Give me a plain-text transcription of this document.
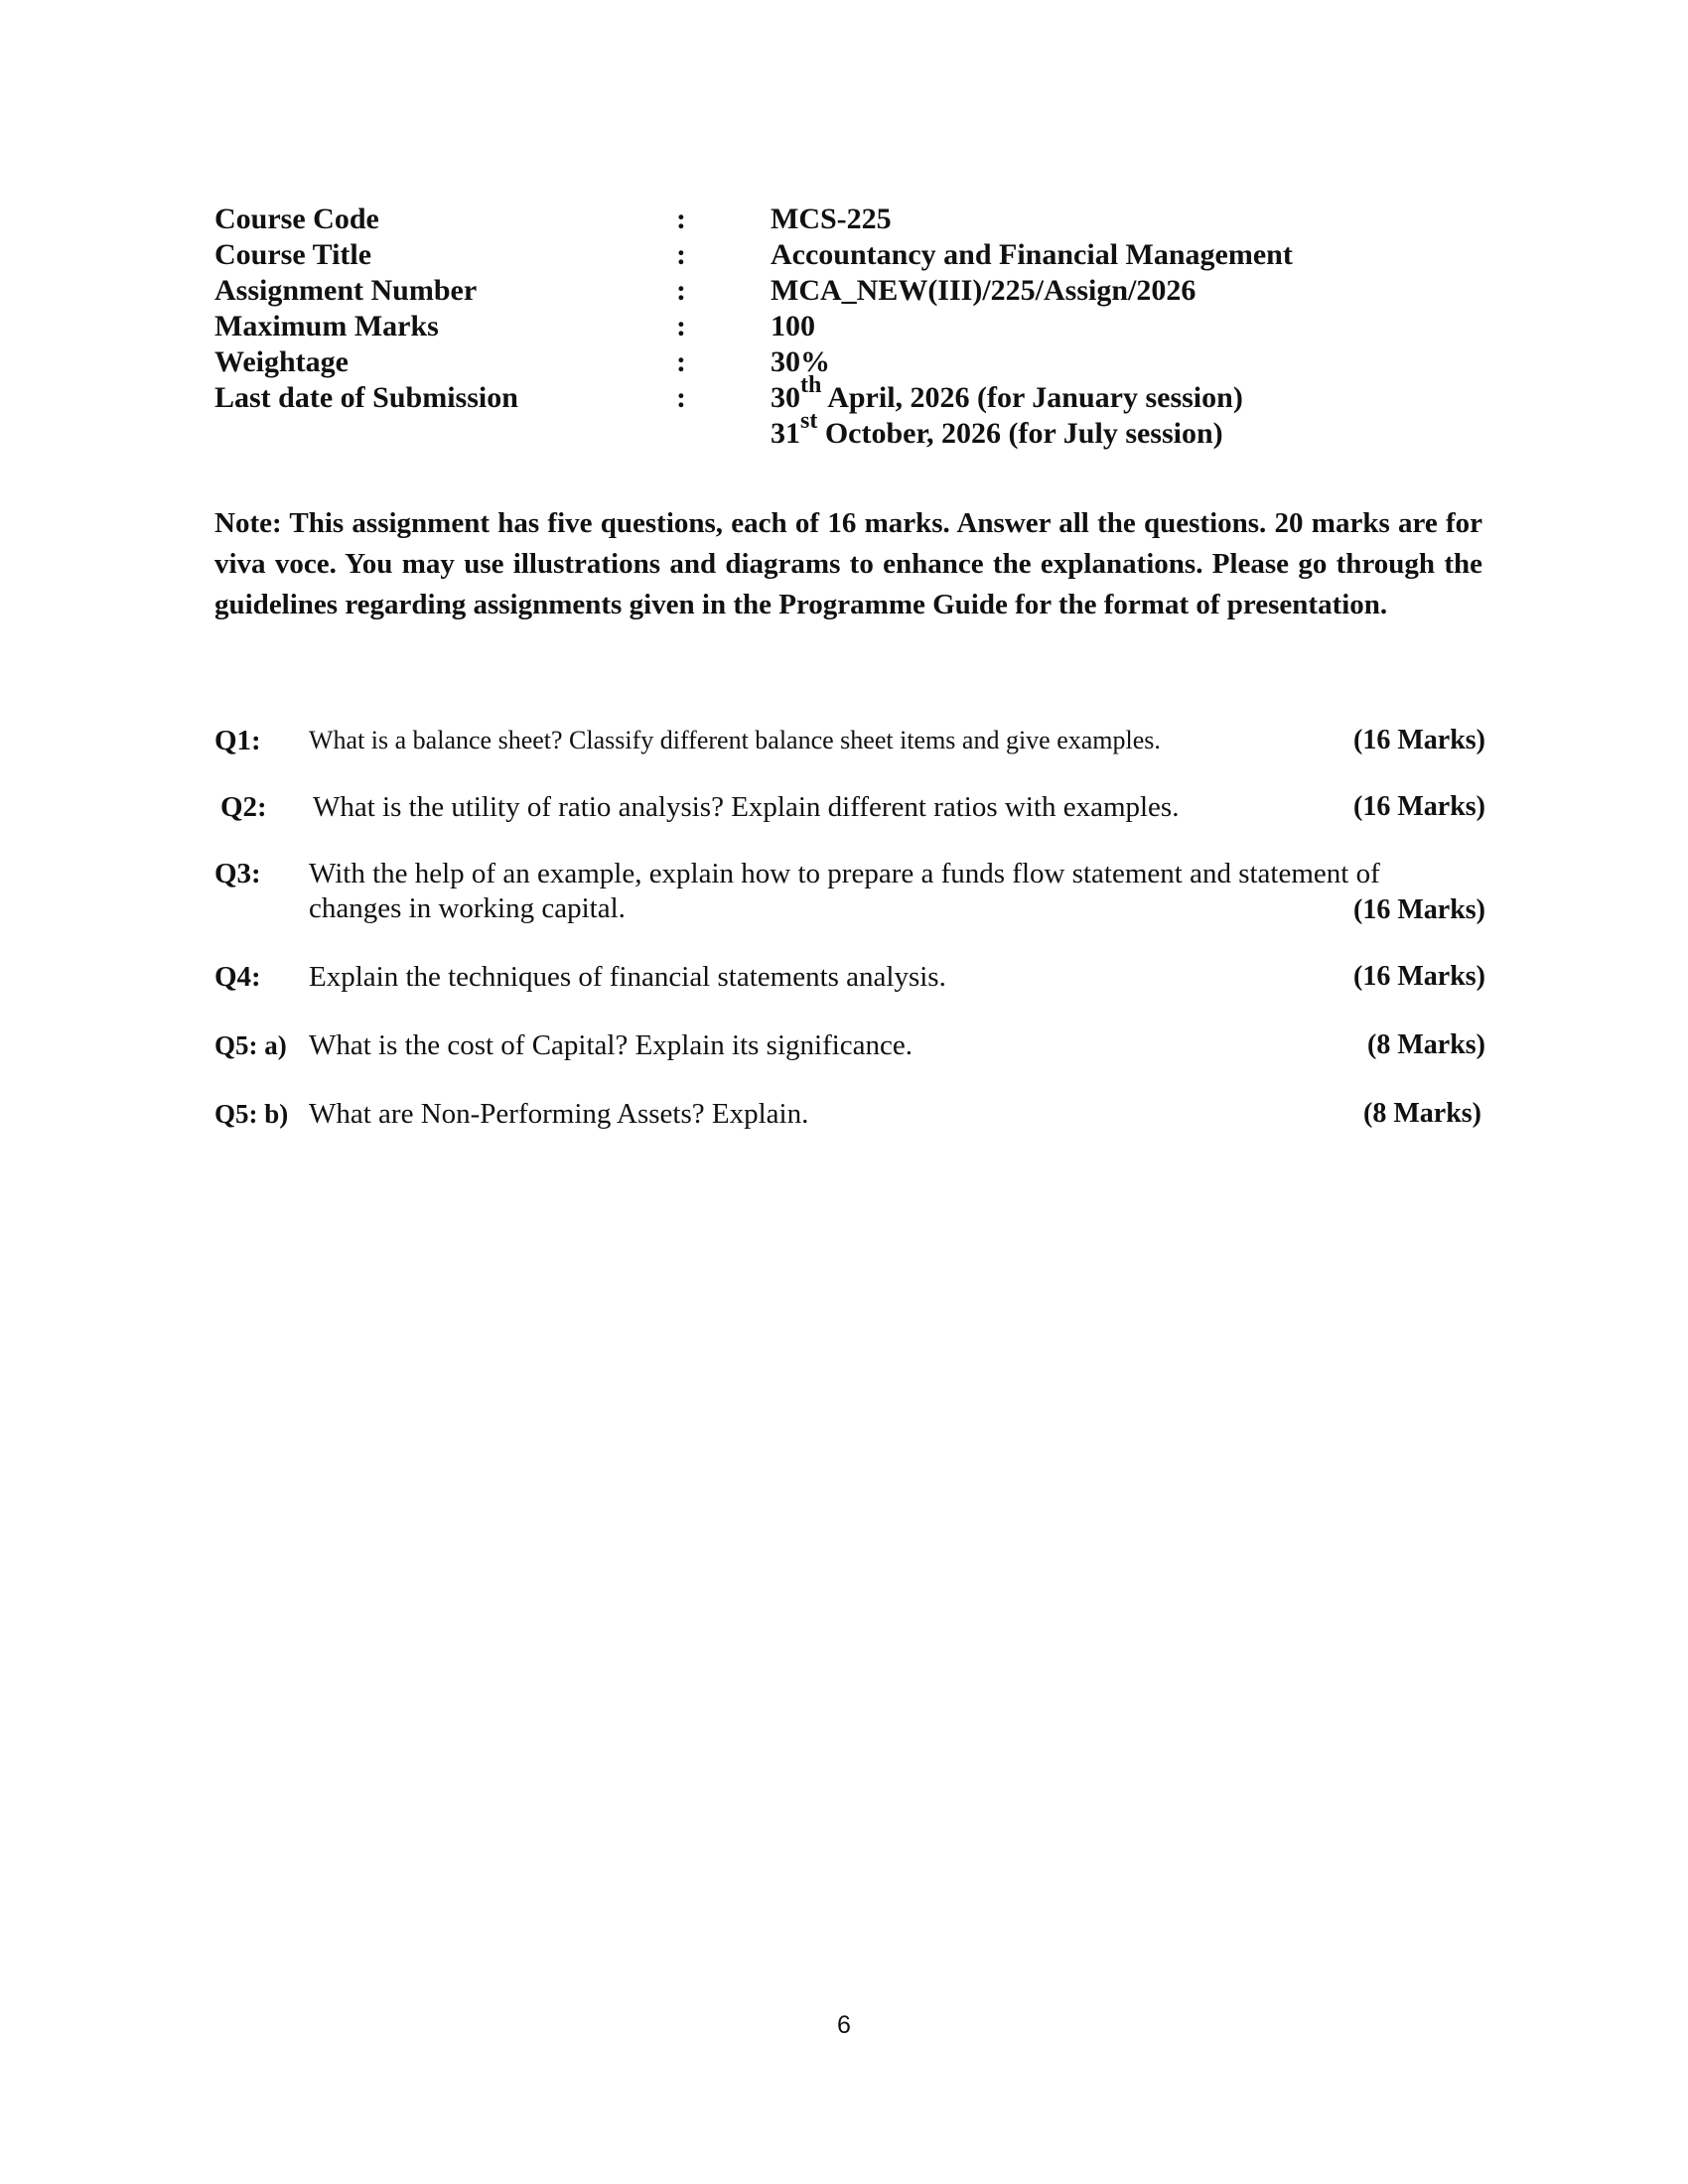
Course Code	:	MCS-225
Course Title	:	Accountancy and Financial Management
Assignment Number	:	MCA_NEW(III)/225/Assign/2026
Maximum Marks	:	100
Weightage	:	30%
Last date of Submission	:	30th April, 2026 (for January session)
31st October, 2026 (for July session)
Note: This assignment has five questions, each of 16 marks. Answer all the questions. 20 marks are for viva voce. You may use illustrations and diagrams to enhance the explanations. Please go through the guidelines regarding assignments given in the Programme Guide for the format of presentation.
Q1: What is a balance sheet? Classify different balance sheet items and give examples.	(16 Marks)
Q2: What is the utility of ratio analysis? Explain different ratios with examples.	(16 Marks)
Q3: With the help of an example, explain how to prepare a funds flow statement and statement of
changes in working capital.	(16 Marks)
Q4: Explain the techniques of financial statements analysis.	(16 Marks)
Q5: a) What is the cost of Capital? Explain its significance.	(8 Marks)
Q5: b) What are Non-Performing Assets? Explain.	(8 Marks)
6
